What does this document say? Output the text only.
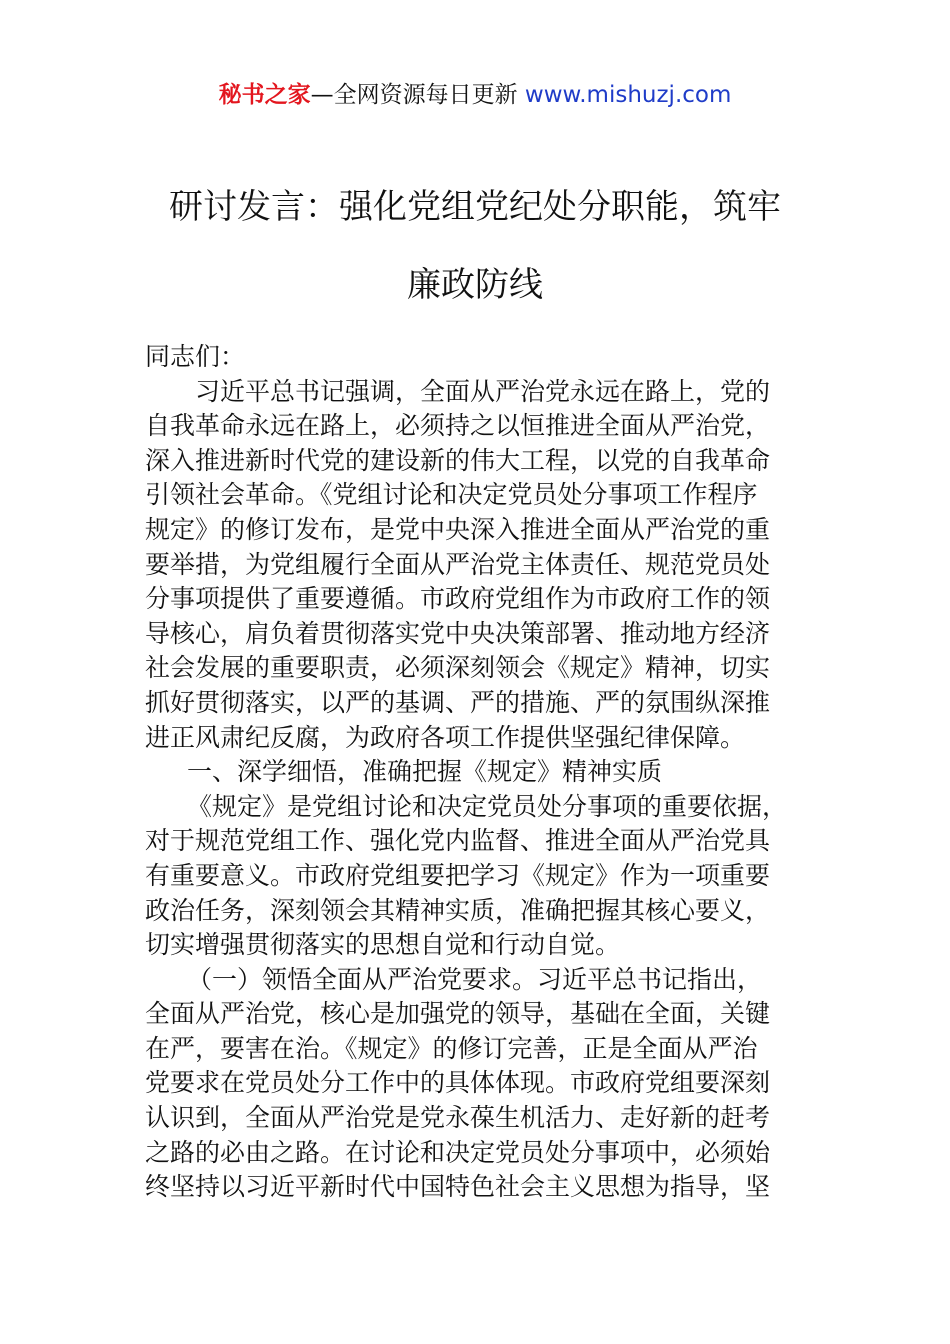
秘书之家—全网资源每日更新 www.mishuzj.com
研讨发言：强化党组党纪处分职能，筑牢
廉政防线
同志们：
习近平总书记强调，全面从严治党永远在路上，党的
自我革命永远在路上，必须持之以恒推进全面从严治党，
深入推进新时代党的建设新的伟大工程，以党的自我革命
引领社会革命。《党组讨论和决定党员处分事项工作程序
规定》的修订发布，是党中央深入推进全面从严治党的重
要举措，为党组履行全面从严治党主体责任、规范党员处
分事项提供了重要遵循。市政府党组作为市政府工作的领
导核心，肩负着贯彻落实党中央决策部署、推动地方经济
社会发展的重要职责，必须深刻领会《规定》精神，切实
抓好贯彻落实，以严的基调、严的措施、严的氛围纵深推
进正风肃纪反腐，为政府各项工作提供坚强纪律保障。
一、深学细悟，准确把握《规定》精神实质
《规定》是党组讨论和决定党员处分事项的重要依据，
对于规范党组工作、强化党内监督、推进全面从严治党具
有重要意义。市政府党组要把学习《规定》作为一项重要
政治任务，深刻领会其精神实质，准确把握其核心要义，
切实增强贯彻落实的思想自觉和行动自觉。
（一）领悟全面从严治党要求。习近平总书记指出，
全面从严治党，核心是加强党的领导，基础在全面，关键
在严，要害在治。《规定》的修订完善，正是全面从严治
党要求在党员处分工作中的具体体现。市政府党组要深刻
认识到，全面从严治党是党永葆生机活力、走好新的赶考
之路的必由之路。在讨论和决定党员处分事项中，必须始
终坚持以习近平新时代中国特色社会主义思想为指导，坚
